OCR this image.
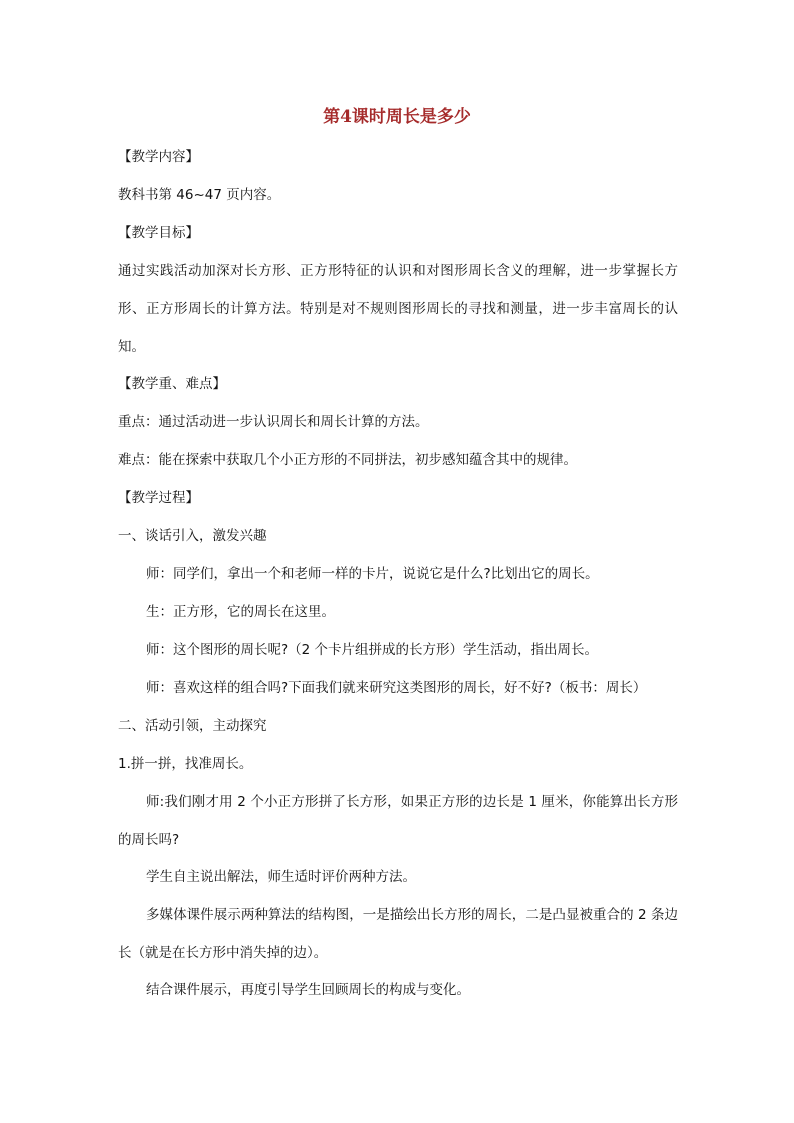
第4课时周长是多少

【教学内容】

教科书第 46~47 页内容。

【教学目标】

通过实践活动加深对长方形、正方形特征的认识和对图形周长含义的理解，进一步掌握长方形、正方形周长的计算方法。特别是对不规则图形周长的寻找和测量，进一步丰富周长的认知。

【教学重、难点】

重点：通过活动进一步认识周长和周长计算的方法。

难点：能在探索中获取几个小正方形的不同拼法，初步感知蕴含其中的规律。

【教学过程】

一、谈话引入，激发兴趣

师：同学们，拿出一个和老师一样的卡片，说说它是什么?比划出它的周长。

生：正方形，它的周长在这里。

师：这个图形的周长呢?（2 个卡片组拼成的长方形）学生活动，指出周长。

师：喜欢这样的组合吗?下面我们就来研究这类图形的周长，好不好?（板书：周长）

二、活动引领，主动探究

1.拼一拼，找准周长。

师:我们刚才用 2 个小正方形拼了长方形，如果正方形的边长是 1 厘米，你能算出长方形的周长吗?

学生自主说出解法，师生适时评价两种方法。

多媒体课件展示两种算法的结构图，一是描绘出长方形的周长，二是凸显被重合的 2 条边长（就是在长方形中消失掉的边）。

结合课件展示，再度引导学生回顾周长的构成与变化。
